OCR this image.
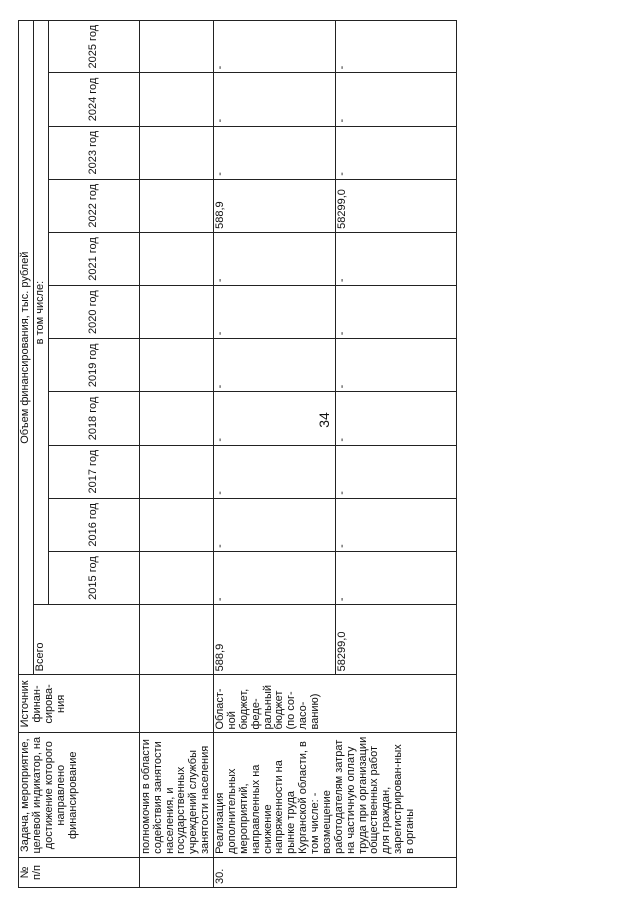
34
№ п/п	Задача, мероприятие, целевой индикатор, на достижение которого направлено финансирование	Источник финан-сирова-ния	Объем финансирования, тыс. рублей											
			Всего	в том числе:										
				2015 год	2016 год	2017 год	2018 год	2019 год	2020 год	2021 год	2022 год	2023 год	2024 год	2025 год
	полномочия в области содействия занятости населения, и государственных учреждений службы занятости населения													
30.	Реализация дополнительных мероприятий, направленных на снижение напряженности на рынке труда Курганской области, в том числе: - возмещение работодателям затрат на частичную оплату труда при организации общественных работ для граждан, зарегистрирован-ных в органы	Област-ной бюджет, феде-ральный бюджет (по сог-ласо-ванию)	588,9	-	-	-	-	-	-	-	588,9	-	-	-
			58299,0	-	-	-	-	-	-	-	58299,0	-	-	-
